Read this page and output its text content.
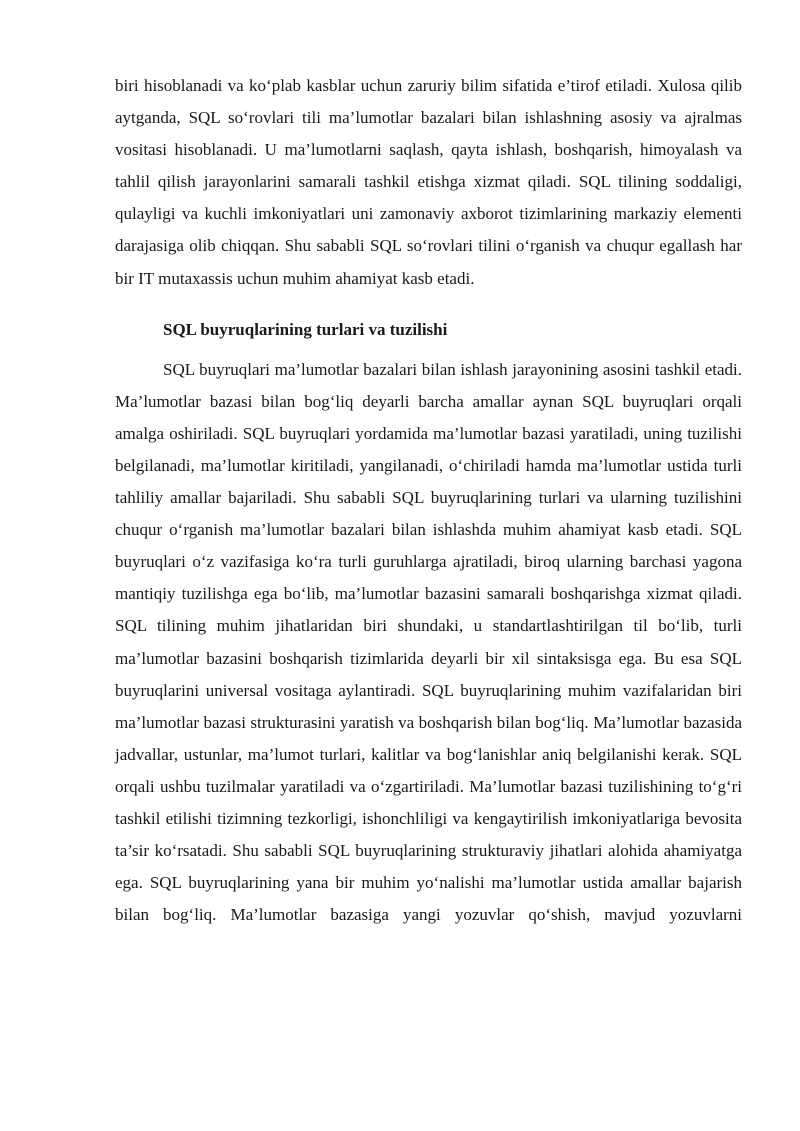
biri hisoblanadi va ko‘plab kasblar uchun zaruriy bilim sifatida e’tirof etiladi. Xulosa qilib aytganda, SQL so‘rovlari tili ma’lumotlar bazalari bilan ishlashning asosiy va ajralmas vositasi hisoblanadi. U ma’lumotlarni saqlash, qayta ishlash, boshqarish, himoyalash va tahlil qilish jarayonlarini samarali tashkil etishga xizmat qiladi. SQL tilining soddaligi, qulayligi va kuchli imkoniyatlari uni zamonaviy axborot tizimlarining markaziy elementi darajasiga olib chiqqan. Shu sababli SQL so‘rovlari tilini o‘rganish va chuqur egallash har bir IT mutaxassis uchun muhim ahamiyat kasb etadi.

SQL buyruqlarining turlari va tuzilishi

SQL buyruqlari ma’lumotlar bazalari bilan ishlash jarayonining asosini tashkil etadi. Ma’lumotlar bazasi bilan bog‘liq deyarli barcha amallar aynan SQL buyruqlari orqali amalga oshiriladi. SQL buyruqlari yordamida ma’lumotlar bazasi yaratiladi, uning tuzilishi belgilanadi, ma’lumotlar kiritiladi, yangilanadi, o‘chiriladi hamda ma’lumotlar ustida turli tahliliy amallar bajariladi. Shu sababli SQL buyruqlarining turlari va ularning tuzilishini chuqur o‘rganish ma’lumotlar bazalari bilan ishlashda muhim ahamiyat kasb etadi. SQL buyruqlari o‘z vazifasiga ko‘ra turli guruhlarga ajratiladi, biroq ularning barchasi yagona mantiqiy tuzilishga ega bo‘lib, ma’lumotlar bazasini samarali boshqarishga xizmat qiladi. SQL tilining muhim jihatlaridan biri shundaki, u standartlashtirilgan til bo‘lib, turli ma’lumotlar bazasini boshqarish tizimlarida deyarli bir xil sintaksisga ega. Bu esa SQL buyruqlarini universal vositaga aylantiradi. SQL buyruqlarining muhim vazifalaridan biri ma’lumotlar bazasi strukturasini yaratish va boshqarish bilan bog‘liq. Ma’lumotlar bazasida jadvallar, ustunlar, ma’lumot turlari, kalitlar va bog‘lanishlar aniq belgilanishi kerak. SQL orqali ushbu tuzilmalar yaratiladi va o‘zgartiriladi. Ma’lumotlar bazasi tuzilishining to‘g‘ri tashkil etilishi tizimning tezkorligi, ishonchliligi va kengaytirilish imkoniyatlariga bevosita ta’sir ko‘rsatadi. Shu sababli SQL buyruqlarining strukturaviy jihatlari alohida ahamiyatga ega. SQL buyruqlarining yana bir muhim yo‘nalishi ma’lumotlar ustida amallar bajarish bilan bog‘liq. Ma’lumotlar bazasiga yangi yozuvlar qo‘shish, mavjud yozuvlarni
